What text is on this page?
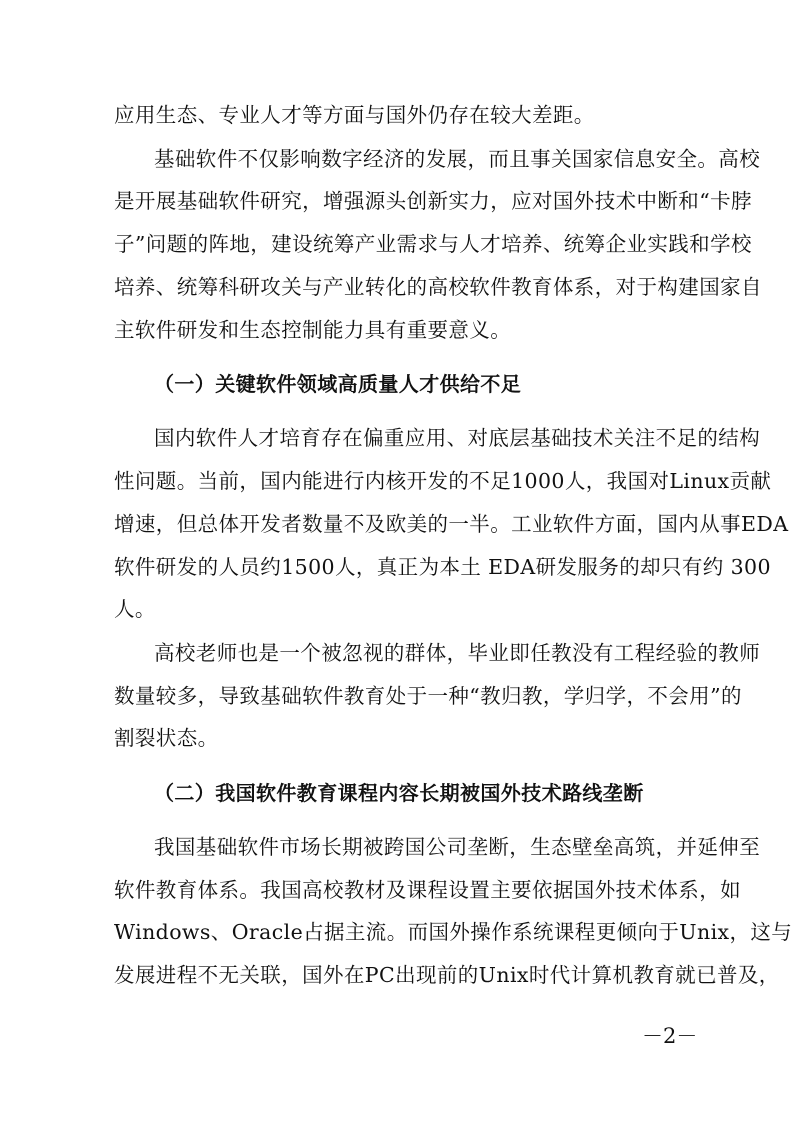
应用生态、专业人才等方面与国外仍存在较大差距。
基础软件不仅影响数字经济的发展，而且事关国家信息安全。高校
是开展基础软件研究，增强源头创新实力，应对国外技术中断和“卡脖
子”问题的阵地，建设统筹产业需求与人才培养、统筹企业实践和学校
培养、统筹科研攻关与产业转化的高校软件教育体系，对于构建国家自
主软件研发和生态控制能力具有重要意义。
（一）关键软件领域高质量人才供给不足
国内软件人才培育存在偏重应用、对底层基础技术关注不足的结构
性问题。当前，国内能进行内核开发的不足1000人，我国对Linux贡献
增速，但总体开发者数量不及欧美的一半。工业软件方面，国内从事EDA
软件研发的人员约1500人，真正为本土 EDA研发服务的却只有约 300
人。
高校老师也是一个被忽视的群体，毕业即任教没有工程经验的教师
数量较多，导致基础软件教育处于一种“教归教，学归学，不会用”的
割裂状态。
（二）我国软件教育课程内容长期被国外技术路线垄断
我国基础软件市场长期被跨国公司垄断，生态壁垒高筑，并延伸至
软件教育体系。我国高校教材及课程设置主要依据国外技术体系，如
Windows、Oracle占据主流。而国外操作系统课程更倾向于Unix，这与
发展进程不无关联，国外在PC出现前的Unix时代计算机教育就已普及，
－2－
